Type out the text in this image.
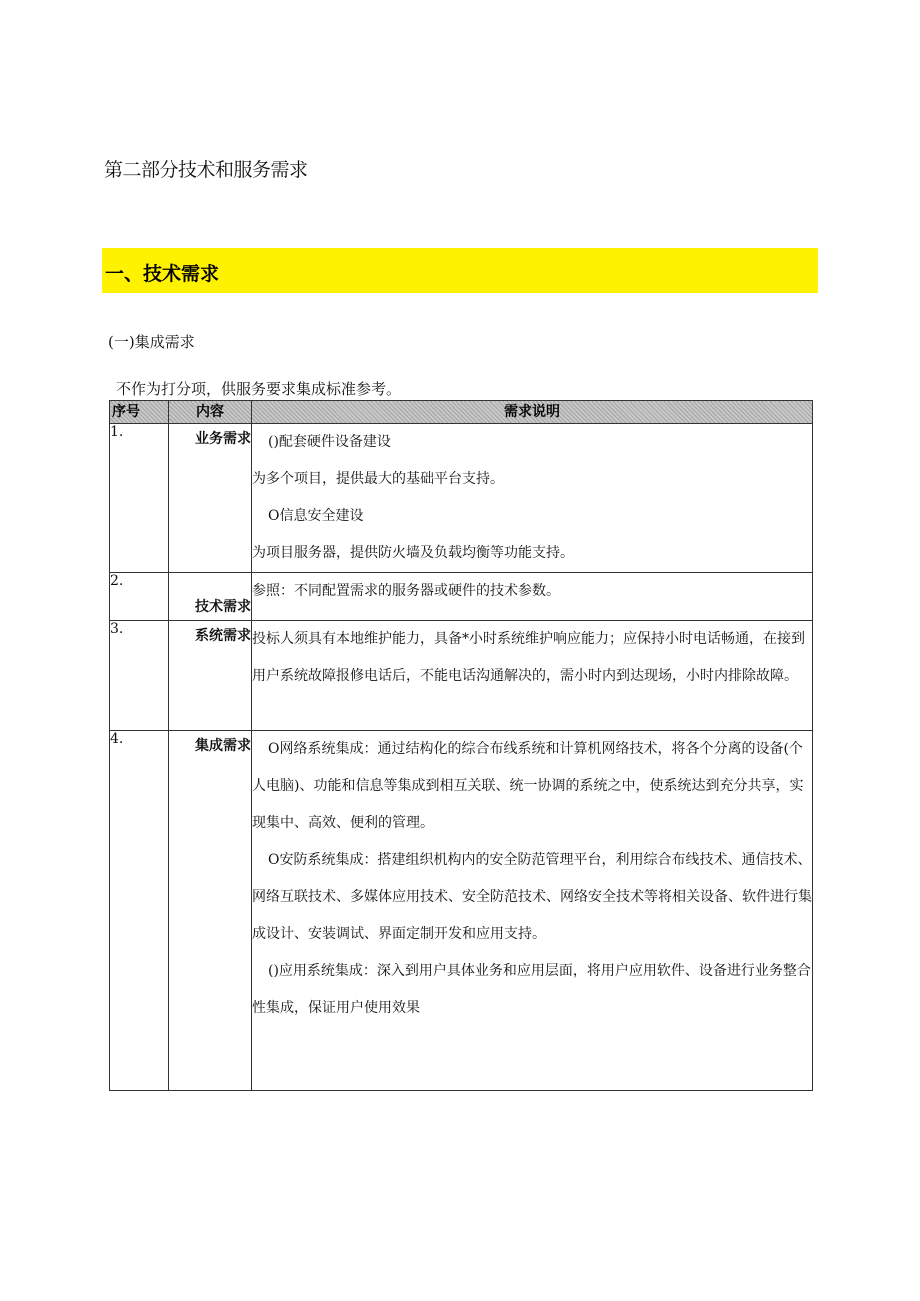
第二部分技术和服务需求
一、技术需求
(一)集成需求
不作为打分项，供服务要求集成标准参考。
序号	内容	需求说明
1.	业务需求	()配套硬件设备建设
为多个项目，提供最大的基础平台支持。
O信息安全建设
为项目服务器，提供防火墙及负载均衡等功能支持。

2.	技术需求	参照：不同配置需求的服务器或硬件的技术参数。

3.	系统需求	投标人须具有本地维护能力，具备*小时系统维护响应能力；应保持小时电话畅通，在接到用户系统故障报修电话后，不能电话沟通解决的，需小时内到达现场，小时内排除故障。

4.	集成需求	O网络系统集成：通过结构化的综合布线系统和计算机网络技术，将各个分离的设备(个人电脑)、功能和信息等集成到相互关联、统一协调的系统之中，使系统达到充分共享，实现集中、高效、便利的管理。
O安防系统集成：搭建组织机构内的安全防范管理平台，利用综合布线技术、通信技术、网络互联技术、多媒体应用技术、安全防范技术、网络安全技术等将相关设备、软件进行集成设计、安装调试、界面定制开发和应用支持。
()应用系统集成：深入到用户具体业务和应用层面，将用户应用软件、设备进行业务整合性集成，保证用户使用效果
